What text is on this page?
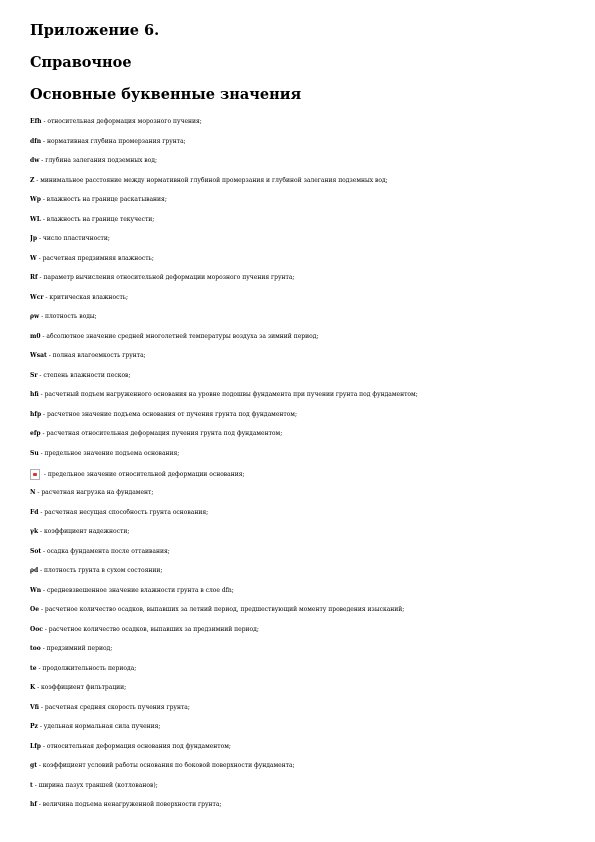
Приложение 6.
Справочное
Основные буквенные значения
Efh - относительная деформация морозного пучения;
dfn - нормативная глубина промерзания грунта;
dw - глубина залегания подземных вод;
Z - минимальное расстояние между нормативной глубиной промерзания и глубиной залегания подземных вод;
Wp - влажность на границе раскатывания;
WL - влажность на границе текучести;
Jp - число пластичности;
W - расчетная предзимняя влажность;
Rf - параметр вычисления относительной деформации морозного пучения грунта;
Wcr - критическая влажность;
ρw - плотность воды;
m0 - абсолютное значение средней многолетней температуры воздуха за зимний период;
Wsat - полная влагоемкость грунта;
Sr - степень влажности песков;
hfi - расчетный подъем нагруженного основания на уровне подошвы фундамента при пучении грунта под фундаментом;
hfp - расчетное значение подъема основания от пучения грунта под фундаментом;
efp - расчетная относительная деформация пучения грунта под фундаментом;
Su - предельное значение подъема основания;
- предельное значение относительной деформации основания;
N - расчетная нагрузка на фундамент;
Fd - расчетная несущая способность грунта основания;
γk - коэффициент надежности;
Sot - осадка фундамента после оттаивания;
ρd - плотность грунта в сухом состоянии;
Wn - средневзвешенное значение влажности грунта в слое dfn;
Oe - расчетное количество осадков, выпавших за летний период, предшествующий моменту проведения изысканий;
Ooc - расчетное количество осадков, выпавших за предзимний период;
too - предзимний период;
te - продолжительность периода;
K - коэффициент фильтрации;
Vfi - расчетная средняя скорость пучения грунта;
Pz - удельная нормальная сила пучения;
Lfp - относительная деформация основания под фундаментом;
gt - коэффициент условий работы основания по боковой поверхности фундамента;
t - ширина пазух траншей (котлованов);
hf - величина подъема ненагруженной поверхности грунта;
